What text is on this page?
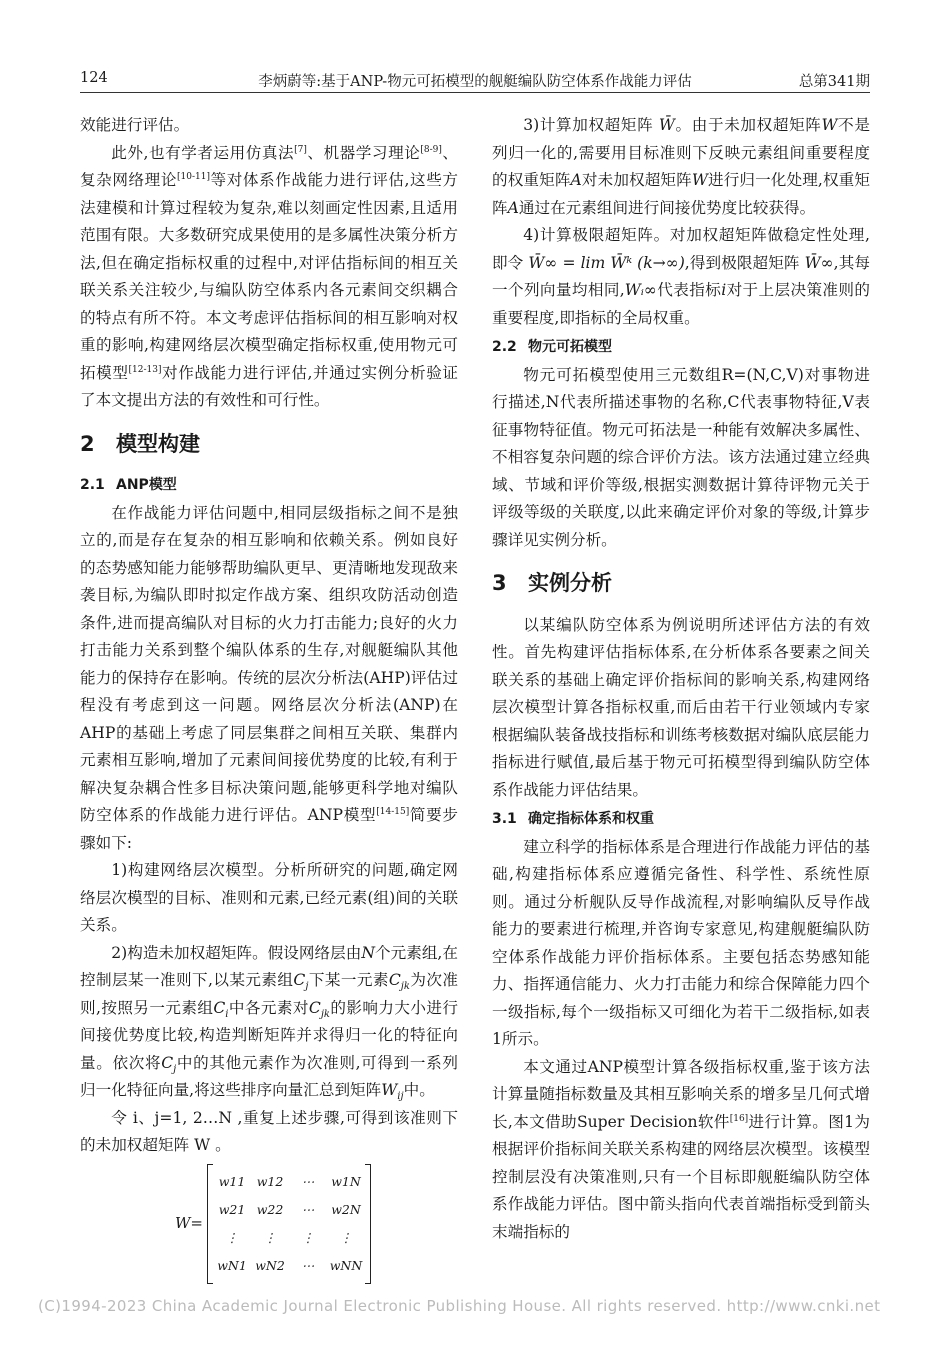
124	李炳蔚等:基于ANP-物元可拓模型的舰艇编队防空体系作战能力评估	总第341期

效能进行评估。

此外,也有学者运用仿真法[7]、机器学习理论[8-9]、复杂网络理论[10-11]等对体系作战能力进行评估,这些方法建模和计算过程较为复杂,难以刻画定性因素,且适用范围有限。大多数研究成果使用的是多属性决策分析方法,但在确定指标权重的过程中,对评估指标间的相互关联关系关注较少,与编队防空体系内各元素间交织耦合的特点有所不符。本文考虑评估指标间的相互影响对权重的影响,构建网络层次模型确定指标权重,使用物元可拓模型[12-13]对作战能力进行评估,并通过实例分析验证了本文提出方法的有效性和可行性。

2 模型构建
2.1 ANP模型

在作战能力评估问题中,相同层级指标之间不是独立的,而是存在复杂的相互影响和依赖关系。例如良好的态势感知能力能够帮助编队更早、更清晰地发现敌来袭目标,为编队即时拟定作战方案、组织攻防活动创造条件,进而提高编队对目标的火力打击能力;良好的火力打击能力关系到整个编队体系的生存,对舰艇编队其他能力的保持存在影响。传统的层次分析法(AHP)评估过程没有考虑到这一问题。网络层次分析法(ANP)在AHP的基础上考虑了同层集群之间相互关联、集群内元素相互影响,增加了元素间间接优势度的比较,有利于解决复杂耦合性多目标决策问题,能够更科学地对编队防空体系的作战能力进行评估。ANP模型[14-15]简要步骤如下:

1)构建网络层次模型。分析所研究的问题,确定网络层次模型的目标、准则和元素,已经元素(组)间的关联关系。

2)构造未加权超矩阵。假设网络层由N个元素组,在控制层某一准则下,以某元素组$C_j$下某一元素$C_{jk}$为次准则,按照另一元素组$C_i$中各元素对$C_{jk}$的影响力大小进行间接优势度比较,构造判断矩阵并求得归一化的特征向量。依次将$C_j$中的其他元素作为次准则,可得到一系列归一化特征向量,将这些排序向量汇总到矩阵$W_{ij}$中。

令 i、j=1, 2…N ,重复上述步骤,可得到该准则下的未加权超矩阵 W 。

W=
w11	w12	⋯	w1N
w21	w22	⋯	w2N
⋮	⋮	⋮	⋮
wN1	wN2	⋯	wNN

3)计算加权超矩阵 W̄。由于未加权超矩阵W不是列归一化的,需要用目标准则下反映元素组间重要程度的权重矩阵A对未加权超矩阵W进行归一化处理,权重矩阵A通过在元素组间进行间接优势度比较获得。

4)计算极限超矩阵。对加权超矩阵做稳定性处理,即令 W̄∞ = lim W̄ᵏ (k→∞),得到极限超矩阵 W̄∞,其每一个列向量均相同,Wᵢ∞代表指标i对于上层决策准则的重要程度,即指标的全局权重。

2.2 物元可拓模型

物元可拓模型使用三元数组R=(N,C,V)对事物进行描述,N代表所描述事物的名称,C代表事物特征,V表征事物特征值。物元可拓法是一种能有效解决多属性、不相容复杂问题的综合评价方法。该方法通过建立经典域、节域和评价等级,根据实测数据计算待评物元关于评级等级的关联度,以此来确定评价对象的等级,计算步骤详见实例分析。

3 实例分析

以某编队防空体系为例说明所述评估方法的有效性。首先构建评估指标体系,在分析体系各要素之间关联关系的基础上确定评价指标间的影响关系,构建网络层次模型计算各指标权重,而后由若干行业领域内专家根据编队装备战技指标和训练考核数据对编队底层能力指标进行赋值,最后基于物元可拓模型得到编队防空体系作战能力评估结果。

3.1 确定指标体系和权重

建立科学的指标体系是合理进行作战能力评估的基础,构建指标体系应遵循完备性、科学性、系统性原则。通过分析舰队反导作战流程,对影响编队反导作战能力的要素进行梳理,并咨询专家意见,构建舰艇编队防空体系作战能力评价指标体系。主要包括态势感知能力、指挥通信能力、火力打击能力和综合保障能力四个一级指标,每个一级指标又可细化为若干二级指标,如表1所示。

本文通过ANP模型计算各级指标权重,鉴于该方法计算量随指标数量及其相互影响关系的增多呈几何式增长,本文借助Super Decision软件[16]进行计算。图1为根据评价指标间关联关系构建的网络层次模型。该模型控制层没有决策准则,只有一个目标即舰艇编队防空体系作战能力评估。图中箭头指向代表首端指标受到箭头末端指标的

(C)1994-2023 China Academic Journal Electronic Publishing House. All rights reserved. http://www.cnki.net
